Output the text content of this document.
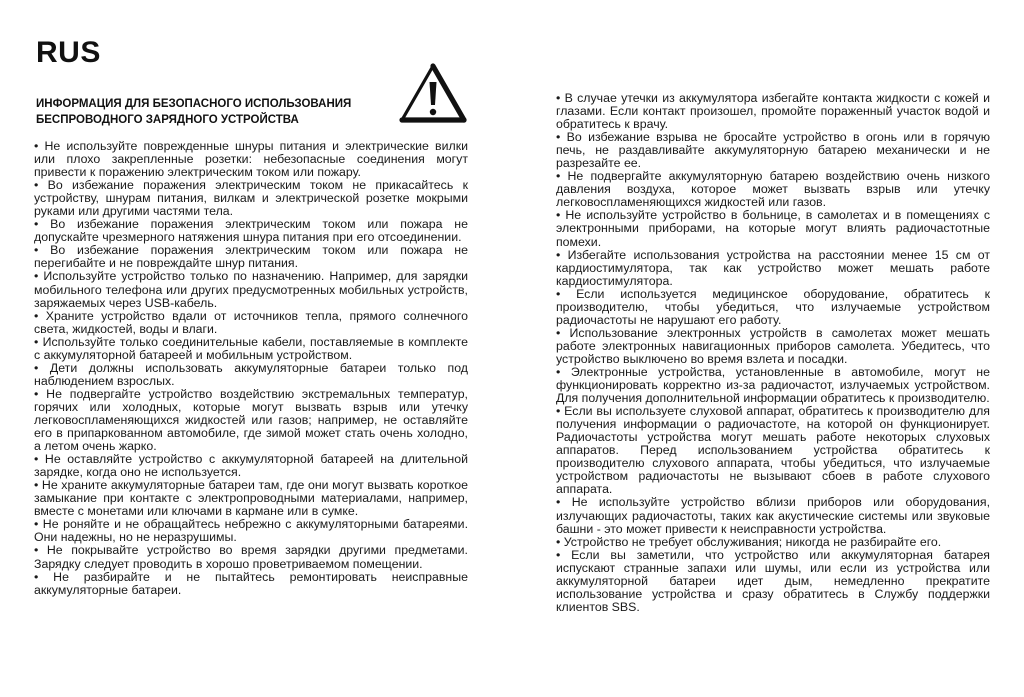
RUS
ИНФОРМАЦИЯ ДЛЯ БЕЗОПАСНОГО ИСПОЛЬЗОВАНИЯ
БЕСПРОВОДНОГО ЗАРЯДНОГО УСТРОЙСТВА

• Не используйте поврежденные шнуры питания и электрические вилки или плохо закрепленные розетки: небезопасные соединения могут привести к поражению электрическим током или пожару.

• Во избежание поражения электрическим током не прикасайтесь к устройству, шнурам питания, вилкам и электрической розетке мокрыми руками или другими частями тела.

• Во избежание поражения электрическим током или пожара не допускайте чрезмерного натяжения шнура питания при его отсоединении.

• Во избежание поражения электрическим током или пожара не перегибайте и не повреждайте шнур питания.

• Используйте устройство только по назначению. Например, для зарядки мобильного телефона или других предусмотренных мобильных устройств, заряжаемых через USB-кабель.

• Храните устройство вдали от источников тепла, прямого солнечного света, жидкостей, воды и влаги.

• Используйте только соединительные кабели, поставляемые в комплекте с аккумуляторной батареей и мобильным устройством.

• Дети должны использовать аккумуляторные батареи только под наблюдением взрослых.

• Не подвергайте устройство воздействию экстремальных температур, горячих или холодных, которые могут вызвать взрыв или утечку легковоспламеняющихся жидкостей или газов; например, не оставляйте его в припаркованном автомобиле, где зимой может стать очень холодно, а летом очень жарко.

• Не оставляйте устройство с аккумуляторной батареей на длительной зарядке, когда оно не используется.

• Не храните аккумуляторные батареи там, где они могут вызвать короткое замыкание при контакте с электропроводными материалами, например, вместе с монетами или ключами в кармане или в сумке.

• Не роняйте и не обращайтесь небрежно с аккумуляторными батареями. Они надежны, но не неразрушимы.

• Не покрывайте устройство во время зарядки другими предметами. Зарядку следует проводить в хорошо проветриваемом помещении.

• Не разбирайте и не пытайтесь ремонтировать неисправные аккумуляторные батареи.

• В случае утечки из аккумулятора избегайте контакта жидкости с кожей и глазами. Если контакт произошел, промойте пораженный участок водой и обратитесь к врачу.

• Во избежание взрыва не бросайте устройство в огонь или в горячую печь, не раздавливайте аккумуляторную батарею механически и не разрезайте ее.

• Не подвергайте аккумуляторную батарею воздействию очень низкого давления воздуха, которое может вызвать взрыв или утечку легковоспламеняющихся жидкостей или газов.

• Не используйте устройство в больнице, в самолетах и в помещениях с электронными приборами, на которые могут влиять радиочастотные помехи.

• Избегайте использования устройства на расстоянии менее 15 см от кардиостимулятора, так как устройство может мешать работе кардиостимулятора.

• Если используется медицинское оборудование, обратитесь к производителю, чтобы убедиться, что излучаемые устройством радиочастоты не нарушают его работу.

• Использование электронных устройств в самолетах может мешать работе электронных навигационных приборов самолета. Убедитесь, что устройство выключено во время взлета и посадки.

• Электронные устройства, установленные в автомобиле, могут не функционировать корректно из-за радиочастот, излучаемых устройством. Для получения дополнительной информации обратитесь к производителю.

• Если вы используете слуховой аппарат, обратитесь к производителю для получения информации о радиочастоте, на которой он функционирует. Радиочастоты устройства могут мешать работе некоторых слуховых аппаратов. Перед использованием устройства обратитесь к производителю слухового аппарата, чтобы убедиться, что излучаемые устройством радиочастоты не вызывают сбоев в работе слухового аппарата.

• Не используйте устройство вблизи приборов или оборудования, излучающих радиочастоты, таких как акустические системы или звуковые башни - это может привести к неисправности устройства.

• Устройство не требует обслуживания; никогда не разбирайте его.

• Если вы заметили, что устройство или аккумуляторная батарея испускают странные запахи или шумы, или если из устройства или аккумуляторной батареи идет дым, немедленно прекратите использование устройства и сразу обратитесь в Службу поддержки клиентов SBS.
